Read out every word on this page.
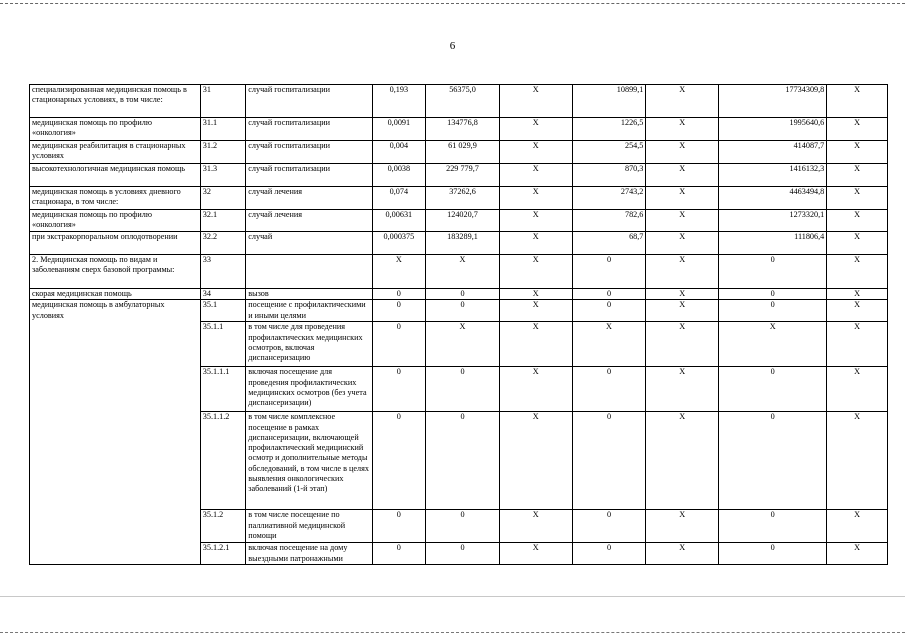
6
специализированная медицинская помощь в стационарных условиях, в том числе:	31	случай госпитализации	0,193	56375,0	X	10899,1	X	17734309,8	X
медицинская помощь по профилю «онкология»	31.1	случай госпитализации	0,0091	134776,8	X	1226,5	X	1995640,6	X
медицинская реабилитация в стационарных условиях	31.2	случай госпитализации	0,004	61 029,9	X	254,5	X	414087,7	X
высокотехнологичная медицинская помощь	31.3	случай госпитализации	0,0038	229 779,7	X	870,3	X	1416132,3	X
медицинская помощь в условиях дневного стационара, в том числе:	32	случай лечения	0,074	37262,6	X	2743,2	X	4463494,8	X
медицинская помощь по профилю «онкология»	32.1	случай лечения	0,00631	124020,7	X	782,6	X	1273320,1	X
при экстракорпоральном оплодотворении	32.2	случай	0,000375	183289,1	X	68,7	X	111806,4	X
2. Медицинская помощь по видам и заболеваниям сверх базовой программы:	33		X	X	X	0	X	0	X
скорая медицинская помощь	34	вызов	0	0	X	0	X	0	X
медицинская помощь в амбулаторных условиях	35.1	посещение с профилактическими и иными целями	0	0	X	0	X	0	X
	35.1.1	в том числе для проведения профилактических медицинских осмотров, включая диспансеризацию	0	X	X	X	X	X	X
	35.1.1.1	включая посещение для проведения профилактических медицинских осмотров (без учета диспансеризации)	0	0	X	0	X	0	X
	35.1.1.2	в том числе комплексное посещение в рамках диспансеризации, включающей профилактический медицинский осмотр и дополнительные методы обследований, в том числе в целях выявления онкологических заболеваний (1-й этап)	0	0	X	0	X	0	X
	35.1.2	в том числе посещение по паллиативной медицинской помощи	0	0	X	0	X	0	X
	35.1.2.1	включая посещение на дому выездными патронажными	0	0	X	0	X	0	X
